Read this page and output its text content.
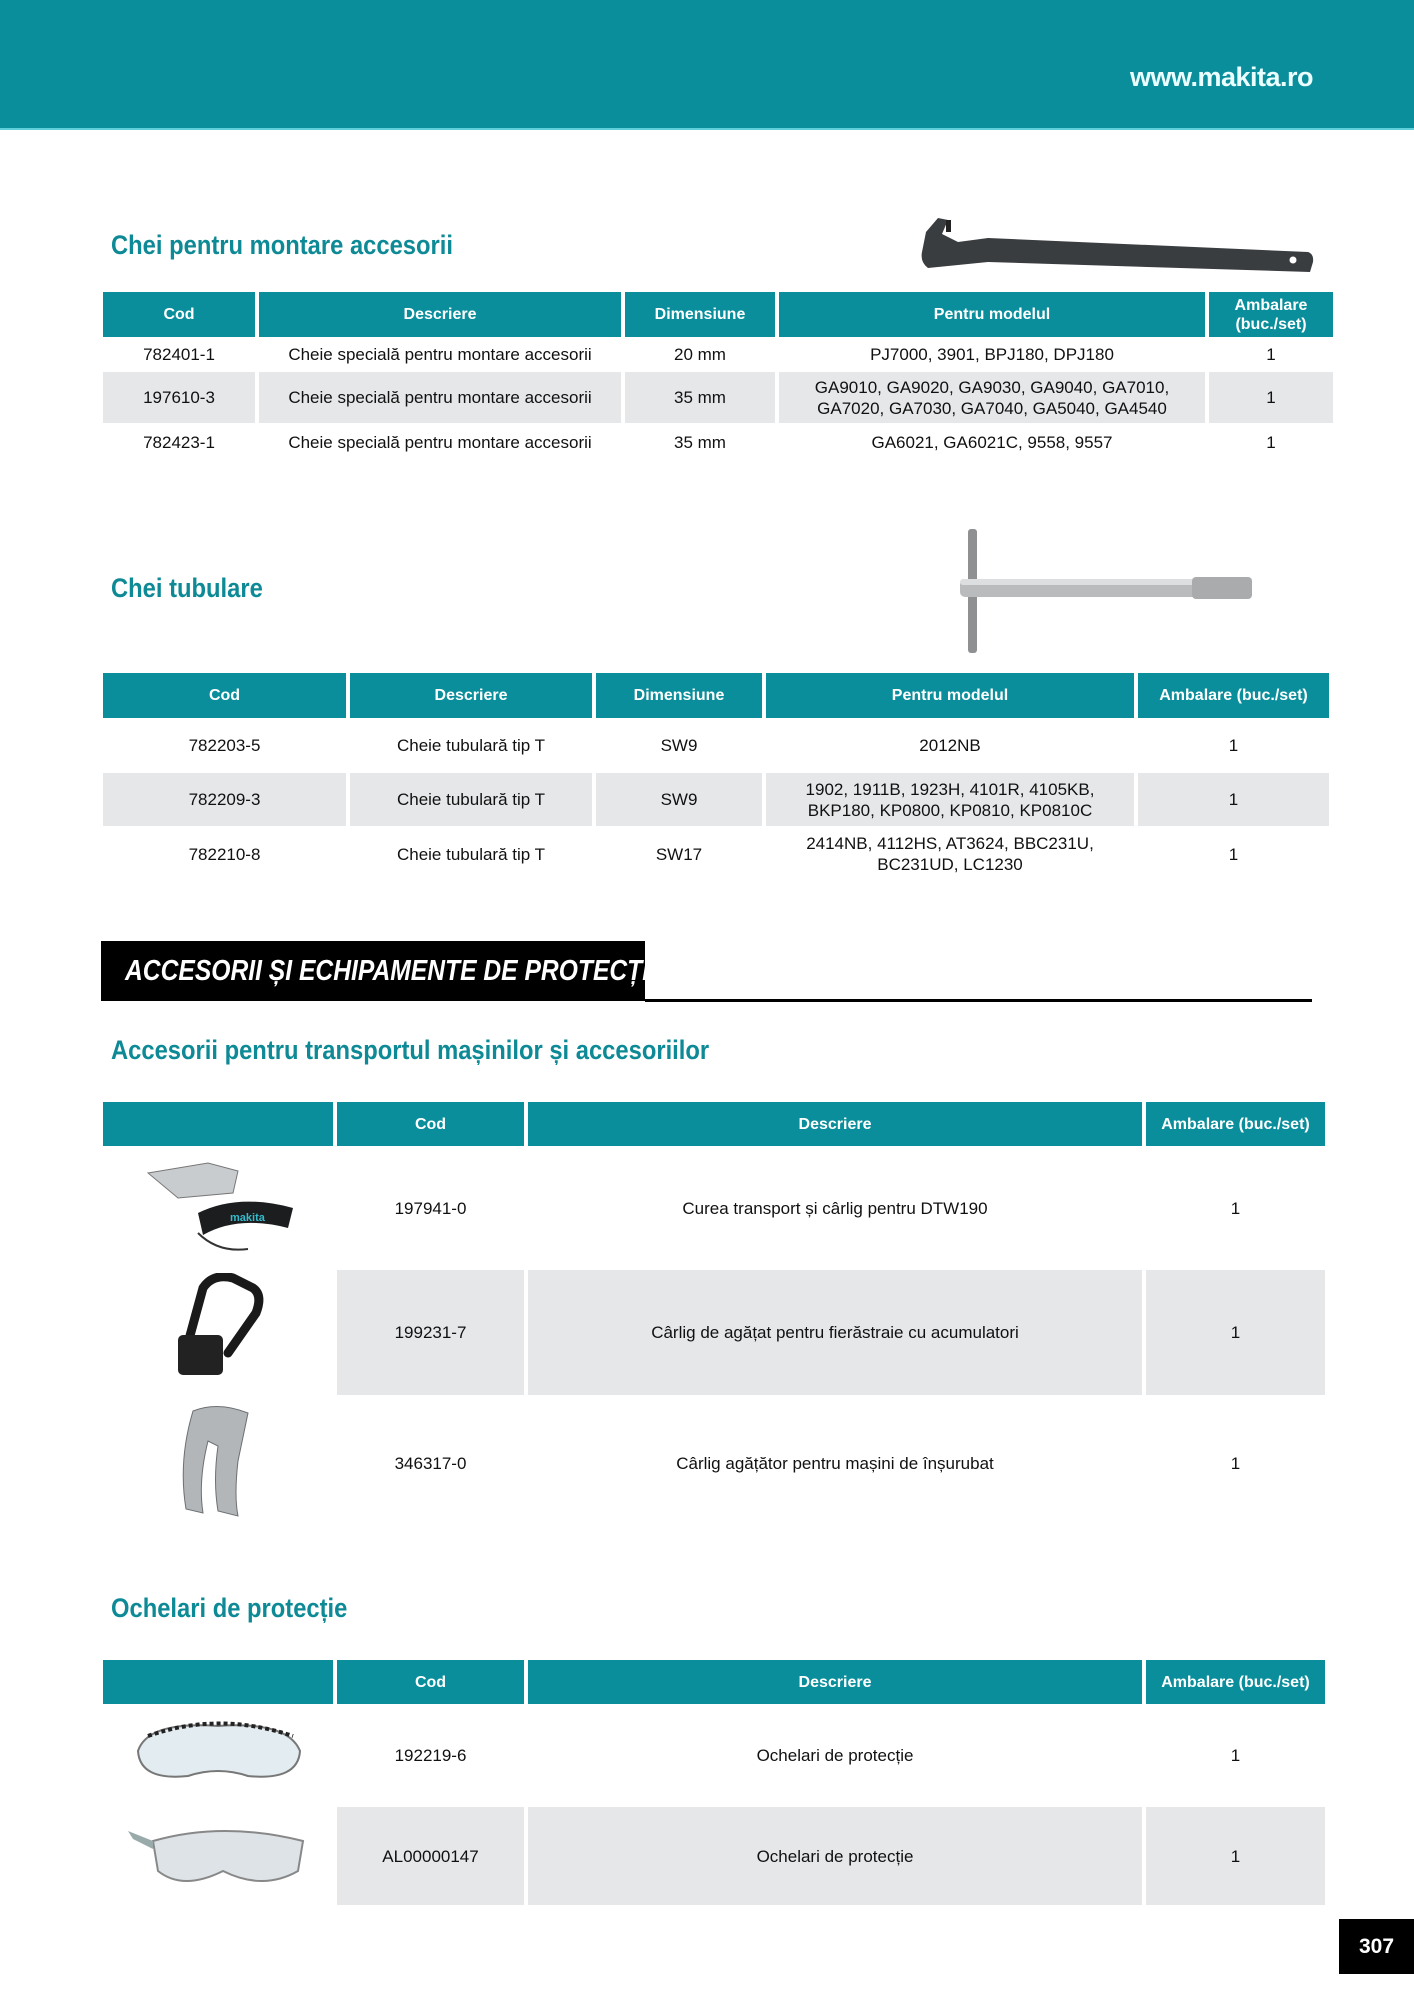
www.makita.ro
Chei pentru montare accesorii
Cod	Descriere	Dimensiune	Pentru modelul	Ambalare (buc./set)
782401-1	Cheie specială pentru montare accesorii	20 mm	PJ7000, 3901, BPJ180, DPJ180	1
197610-3	Cheie specială pentru montare accesorii	35 mm	GA9010, GA9020, GA9030, GA9040, GA7010, GA7020, GA7030, GA7040, GA5040, GA4540	1
782423-1	Cheie specială pentru montare accesorii	35 mm	GA6021, GA6021C, 9558, 9557	1
Chei tubulare
Cod	Descriere	Dimensiune	Pentru modelul	Ambalare (buc./set)
782203-5	Cheie tubulară tip T	SW9	2012NB	1
782209-3	Cheie tubulară tip T	SW9	1902, 1911B, 1923H, 4101R, 4105KB, BKP180, KP0800, KP0810, KP0810C	1
782210-8	Cheie tubulară tip T	SW17	2414NB, 4112HS, AT3624, BBC231U, BC231UD, LC1230	1
ACCESORII ȘI ECHIPAMENTE DE PROTECȚIE
Accesorii pentru transportul mașinilor și accesoriilor
	Cod	Descriere	Ambalare (buc./set)

makita	197941-0	Curea transport și cârlig pentru DTW190	1
	199231-7	Cârlig de agățat pentru fierăstraie cu acumulatori	1
	346317-0	Cârlig agățător pentru mașini de înșurubat	1
Ochelari de protecție
	Cod	Descriere	Ambalare (buc./set)
	192219-6	Ochelari de protecție	1
	AL00000147	Ochelari de protecție	1
307
